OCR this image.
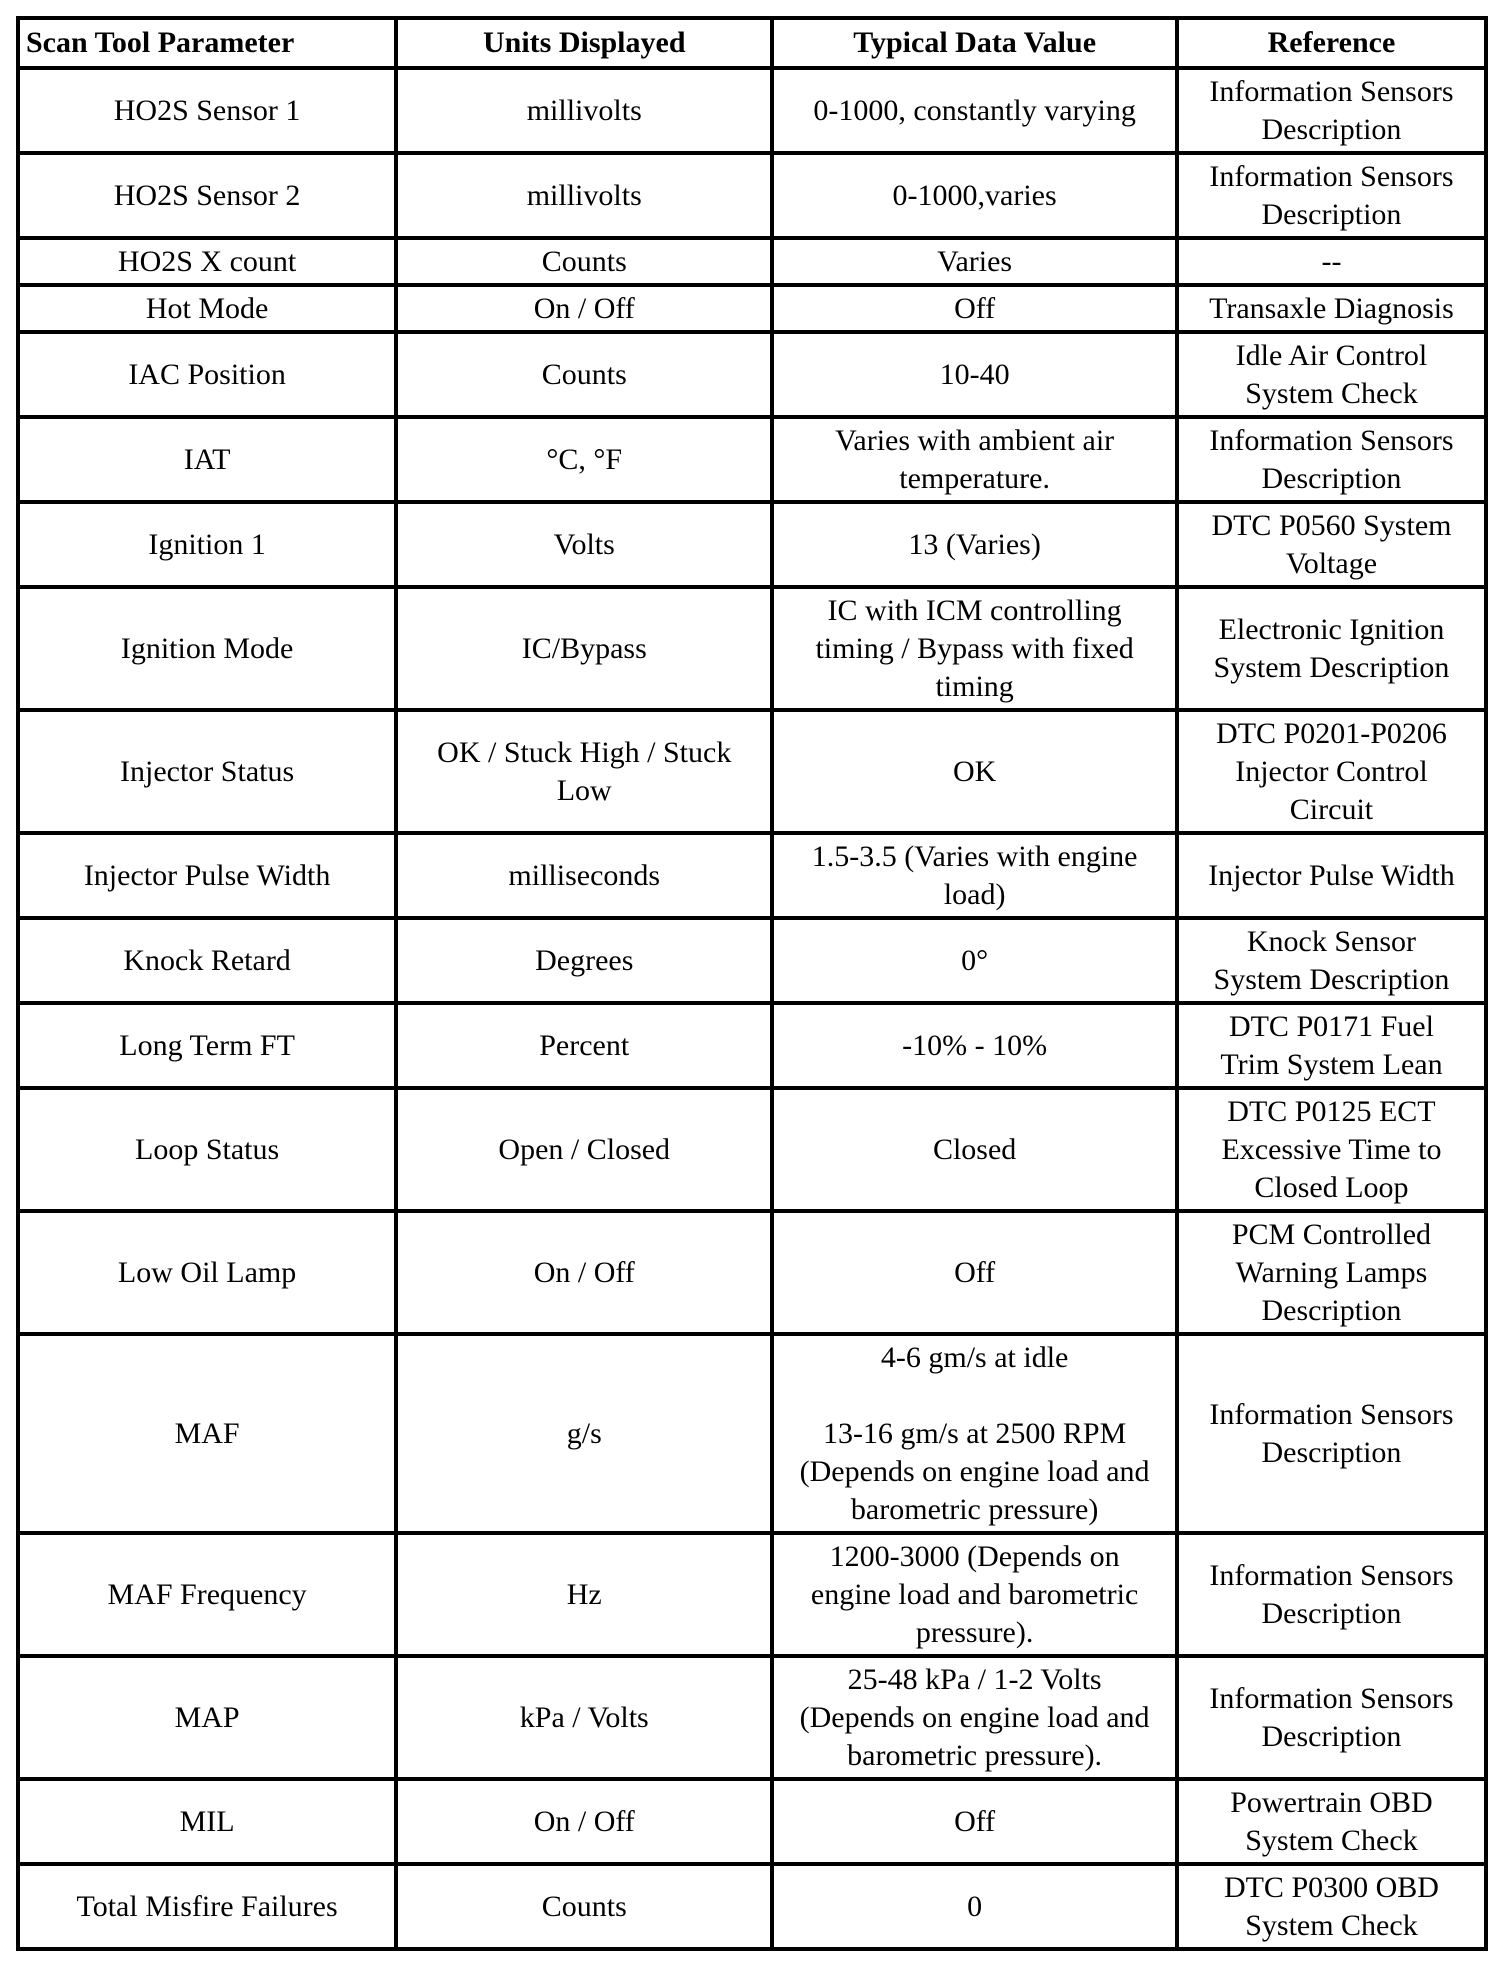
Scan Tool Parameter	Units Displayed	Typical Data Value	Reference
HO2S Sensor 1	millivolts	0-1000, constantly varying	Information Sensors
Description
HO2S Sensor 2	millivolts	0-1000,varies	Information Sensors
Description
HO2S X count	Counts	Varies	--
Hot Mode	On / Off	Off	Transaxle Diagnosis
IAC Position	Counts	10-40	Idle Air Control
System Check
IAT	°C, °F	Varies with ambient air
temperature.	Information Sensors
Description
Ignition 1	Volts	13 (Varies)	DTC P0560 System
Voltage
Ignition Mode	IC/Bypass	IC with ICM controlling
timing / Bypass with fixed
timing	Electronic Ignition
System Description
Injector Status	OK / Stuck High / Stuck
Low	OK	DTC P0201-P0206
Injector Control
Circuit
Injector Pulse Width	milliseconds	1.5-3.5 (Varies with engine
load)	Injector Pulse Width
Knock Retard	Degrees	0°	Knock Sensor
System Description
Long Term FT	Percent	-10% - 10%	DTC P0171 Fuel
Trim System Lean
Loop Status	Open / Closed	Closed	DTC P0125 ECT
Excessive Time to
Closed Loop
Low Oil Lamp	On / Off	Off	PCM Controlled
Warning Lamps
Description
MAF	g/s	4-6 gm/s at idle

13-16 gm/s at 2500 RPM
(Depends on engine load and
barometric pressure)	Information Sensors
Description
MAF Frequency	Hz	1200-3000 (Depends on
engine load and barometric
pressure).	Information Sensors
Description
MAP	kPa / Volts	25-48 kPa / 1-2 Volts
(Depends on engine load and
barometric pressure).	Information Sensors
Description
MIL	On / Off	Off	Powertrain OBD
System Check
Total Misfire Failures	Counts	0	DTC P0300 OBD
System Check
